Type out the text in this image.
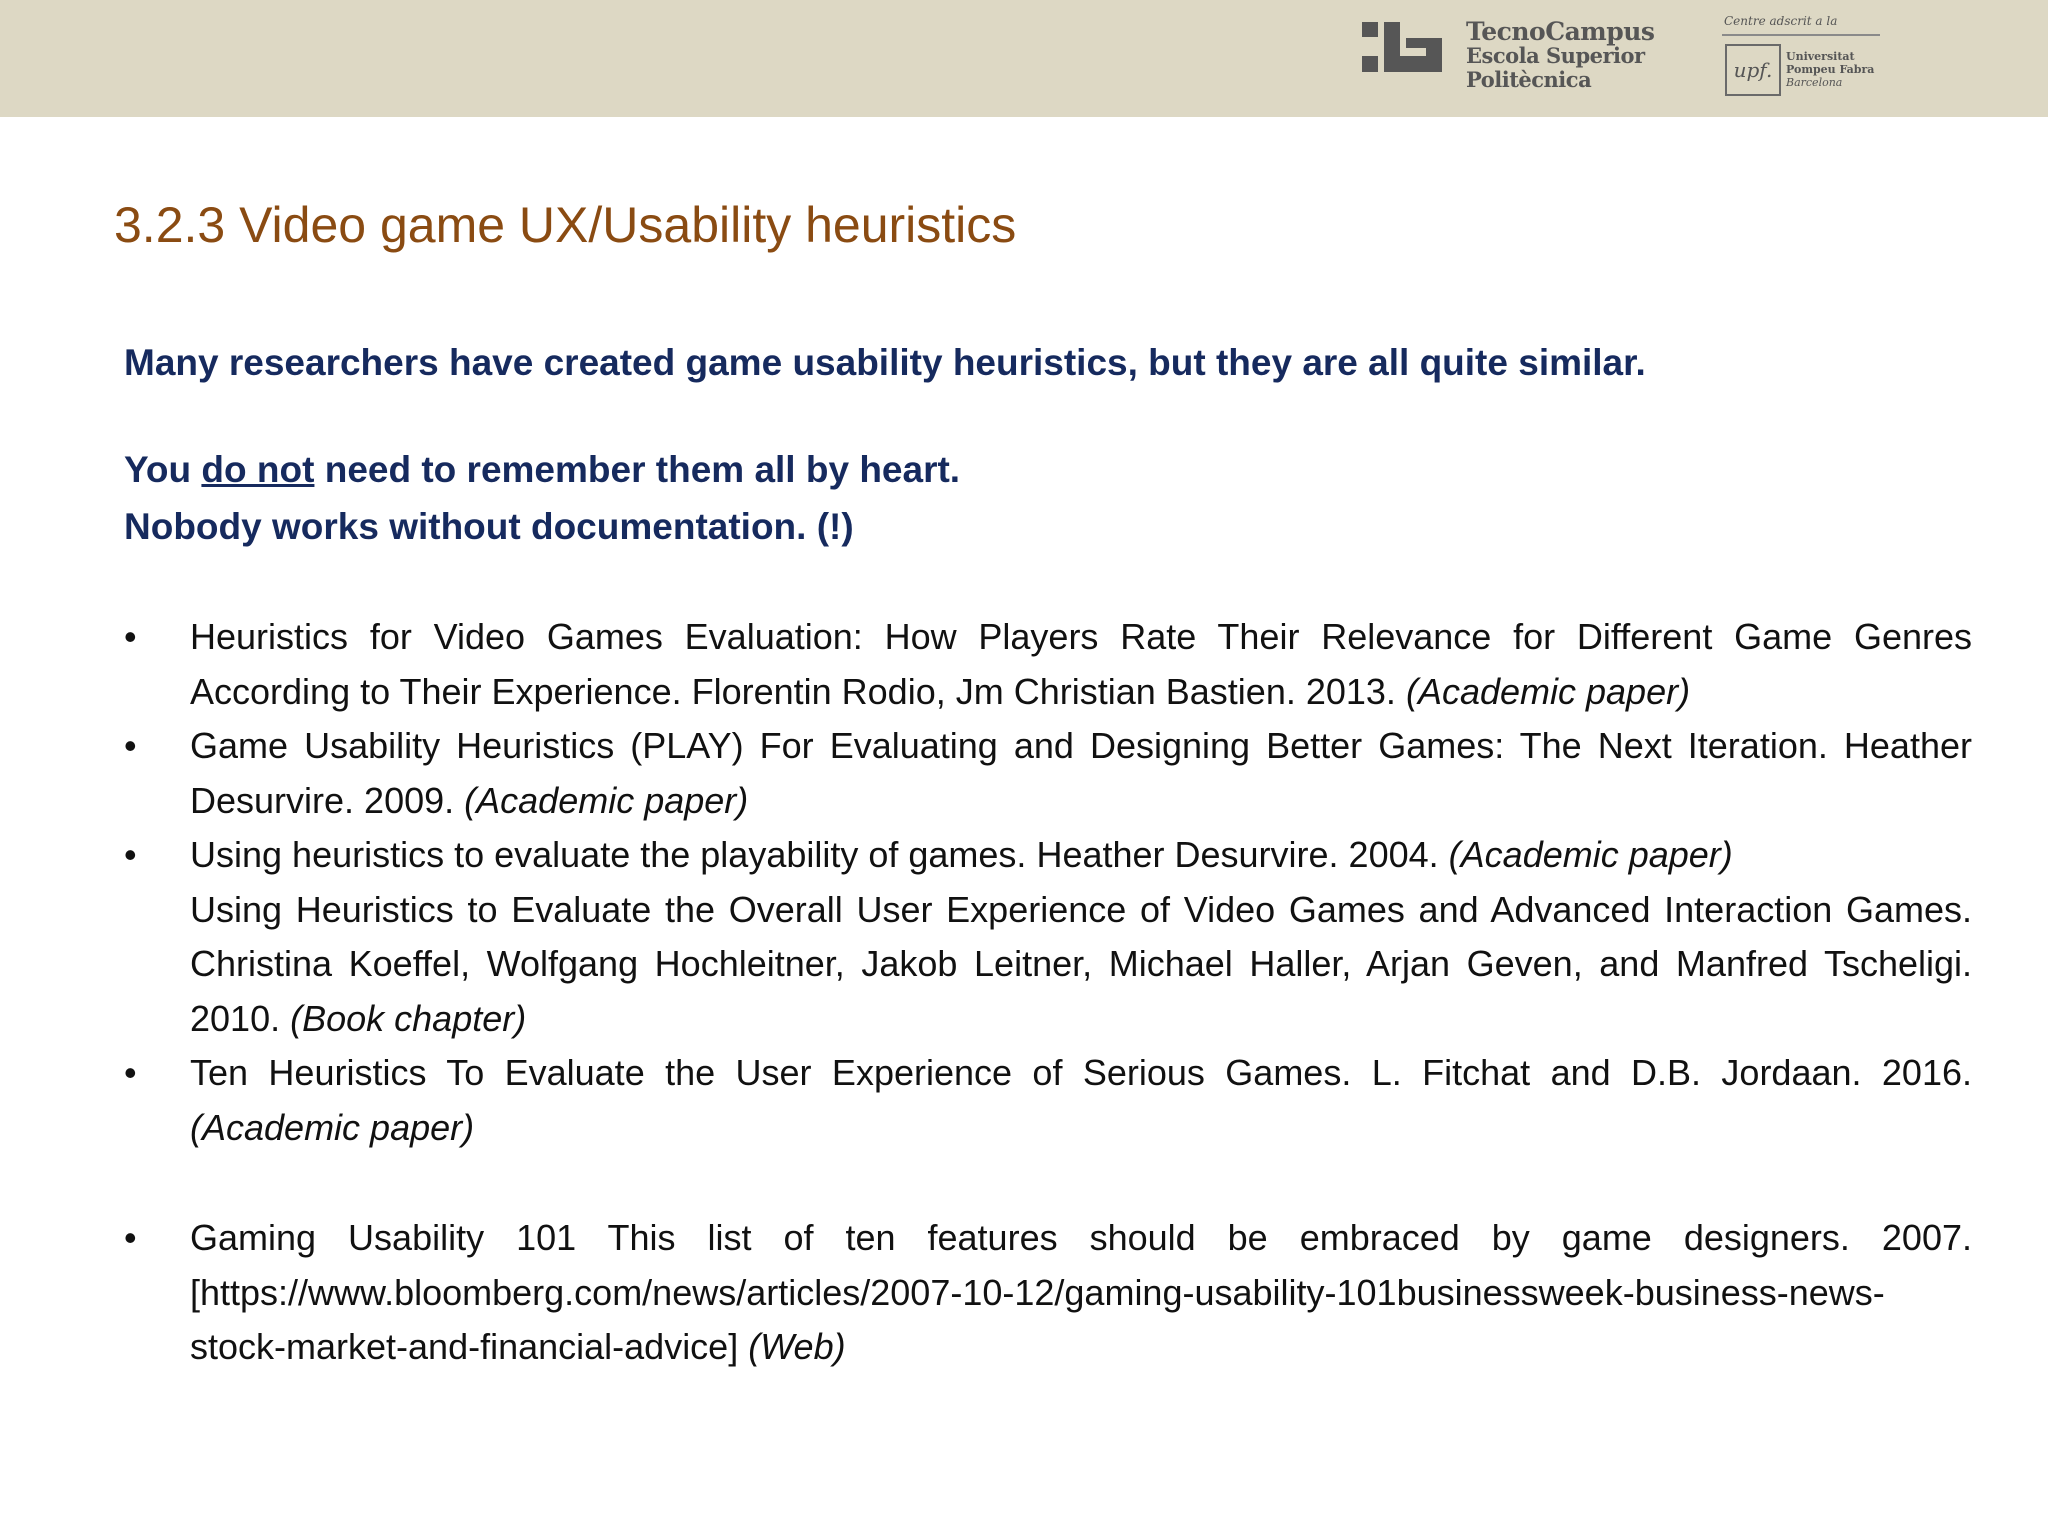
TecnoCampus
Escola Superior
Politècnica
Centre adscrit a la
upf.
Universitat
Pompeu Fabra
Barcelona
3.2.3 Video game UX/Usability heuristics

Many researchers have created game usability heuristics, but they are all quite similar.

You do not need to remember them all by heart.

Nobody works without documentation. (!)

•	Heuristics for Video Games Evaluation: How Players Rate Their Relevance for Different Game Genres According to Their Experience. Florentin Rodio, Jm Christian Bastien. 2013. (Academic paper)
•	Game Usability Heuristics (PLAY) For Evaluating and Designing Better Games: The Next Iteration. Heather Desurvire. 2009. (Academic paper)
•	Using heuristics to evaluate the playability of games. Heather Desurvire. 2004. (Academic paper)
Using Heuristics to Evaluate the Overall User Experience of Video Games and Advanced Interaction Games. Christina Koeffel, Wolfgang Hochleitner, Jakob Leitner, Michael Haller, Arjan Geven, and Manfred Tscheligi. 2010. (Book chapter)
•	Ten Heuristics To Evaluate the User Experience of Serious Games. L. Fitchat and D.B. Jordaan. 2016. (Academic paper)
•	Gaming Usability 101 This list of ten features should be embraced by game designers. 2007. [https://www.bloomberg.com/news/articles/2007-10-12/gaming-usability-101businessweek-business-news-stock-market-and-financial-advice] (Web)
